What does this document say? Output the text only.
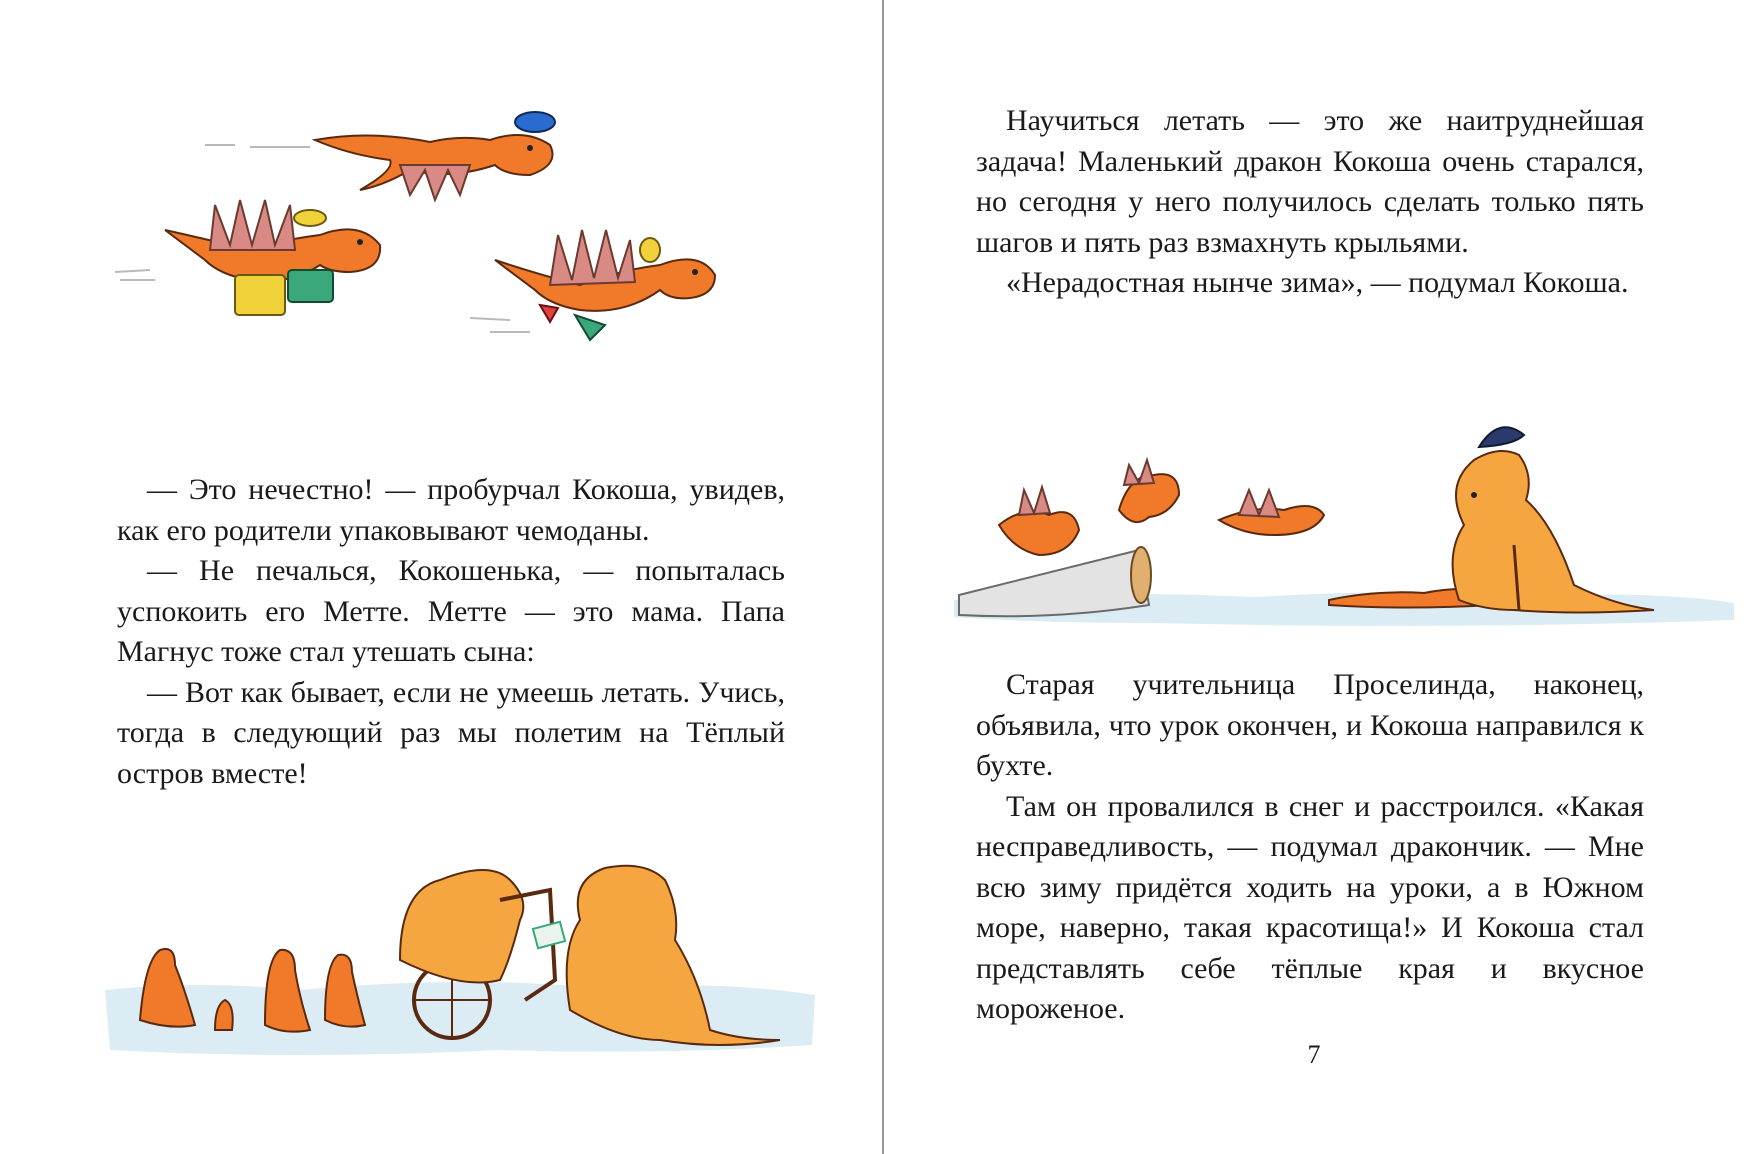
— Это нечестно! — пробурчал Кокоша, увидев, как его родители упаковывают чемоданы.

— Не печалься, Кокошенька, — попыталась успокоить его Метте. Метте — это мама. Папа Магнус тоже стал утешать сына:

— Вот как бывает, если не умеешь летать. Учись, тогда в следующий раз мы полетим на Тёплый остров вместе!

Научиться летать — это же наитруднейшая задача! Маленький дракон Кокоша очень старался, но сегодня у него получилось сделать только пять шагов и пять раз взмахнуть крыльями.

«Нерадостная нынче зима», — подумал Кокоша.

Старая учительница Проселинда, наконец, объявила, что урок окончен, и Кокоша направился к бухте.

Там он провалился в снег и расстроился. «Какая несправедливость, — подумал дракончик. — Мне всю зиму придётся ходить на уроки, а в Южном море, наверно, такая красотища!» И Кокоша стал представлять себе тёплые края и вкусное мороженое.

7
